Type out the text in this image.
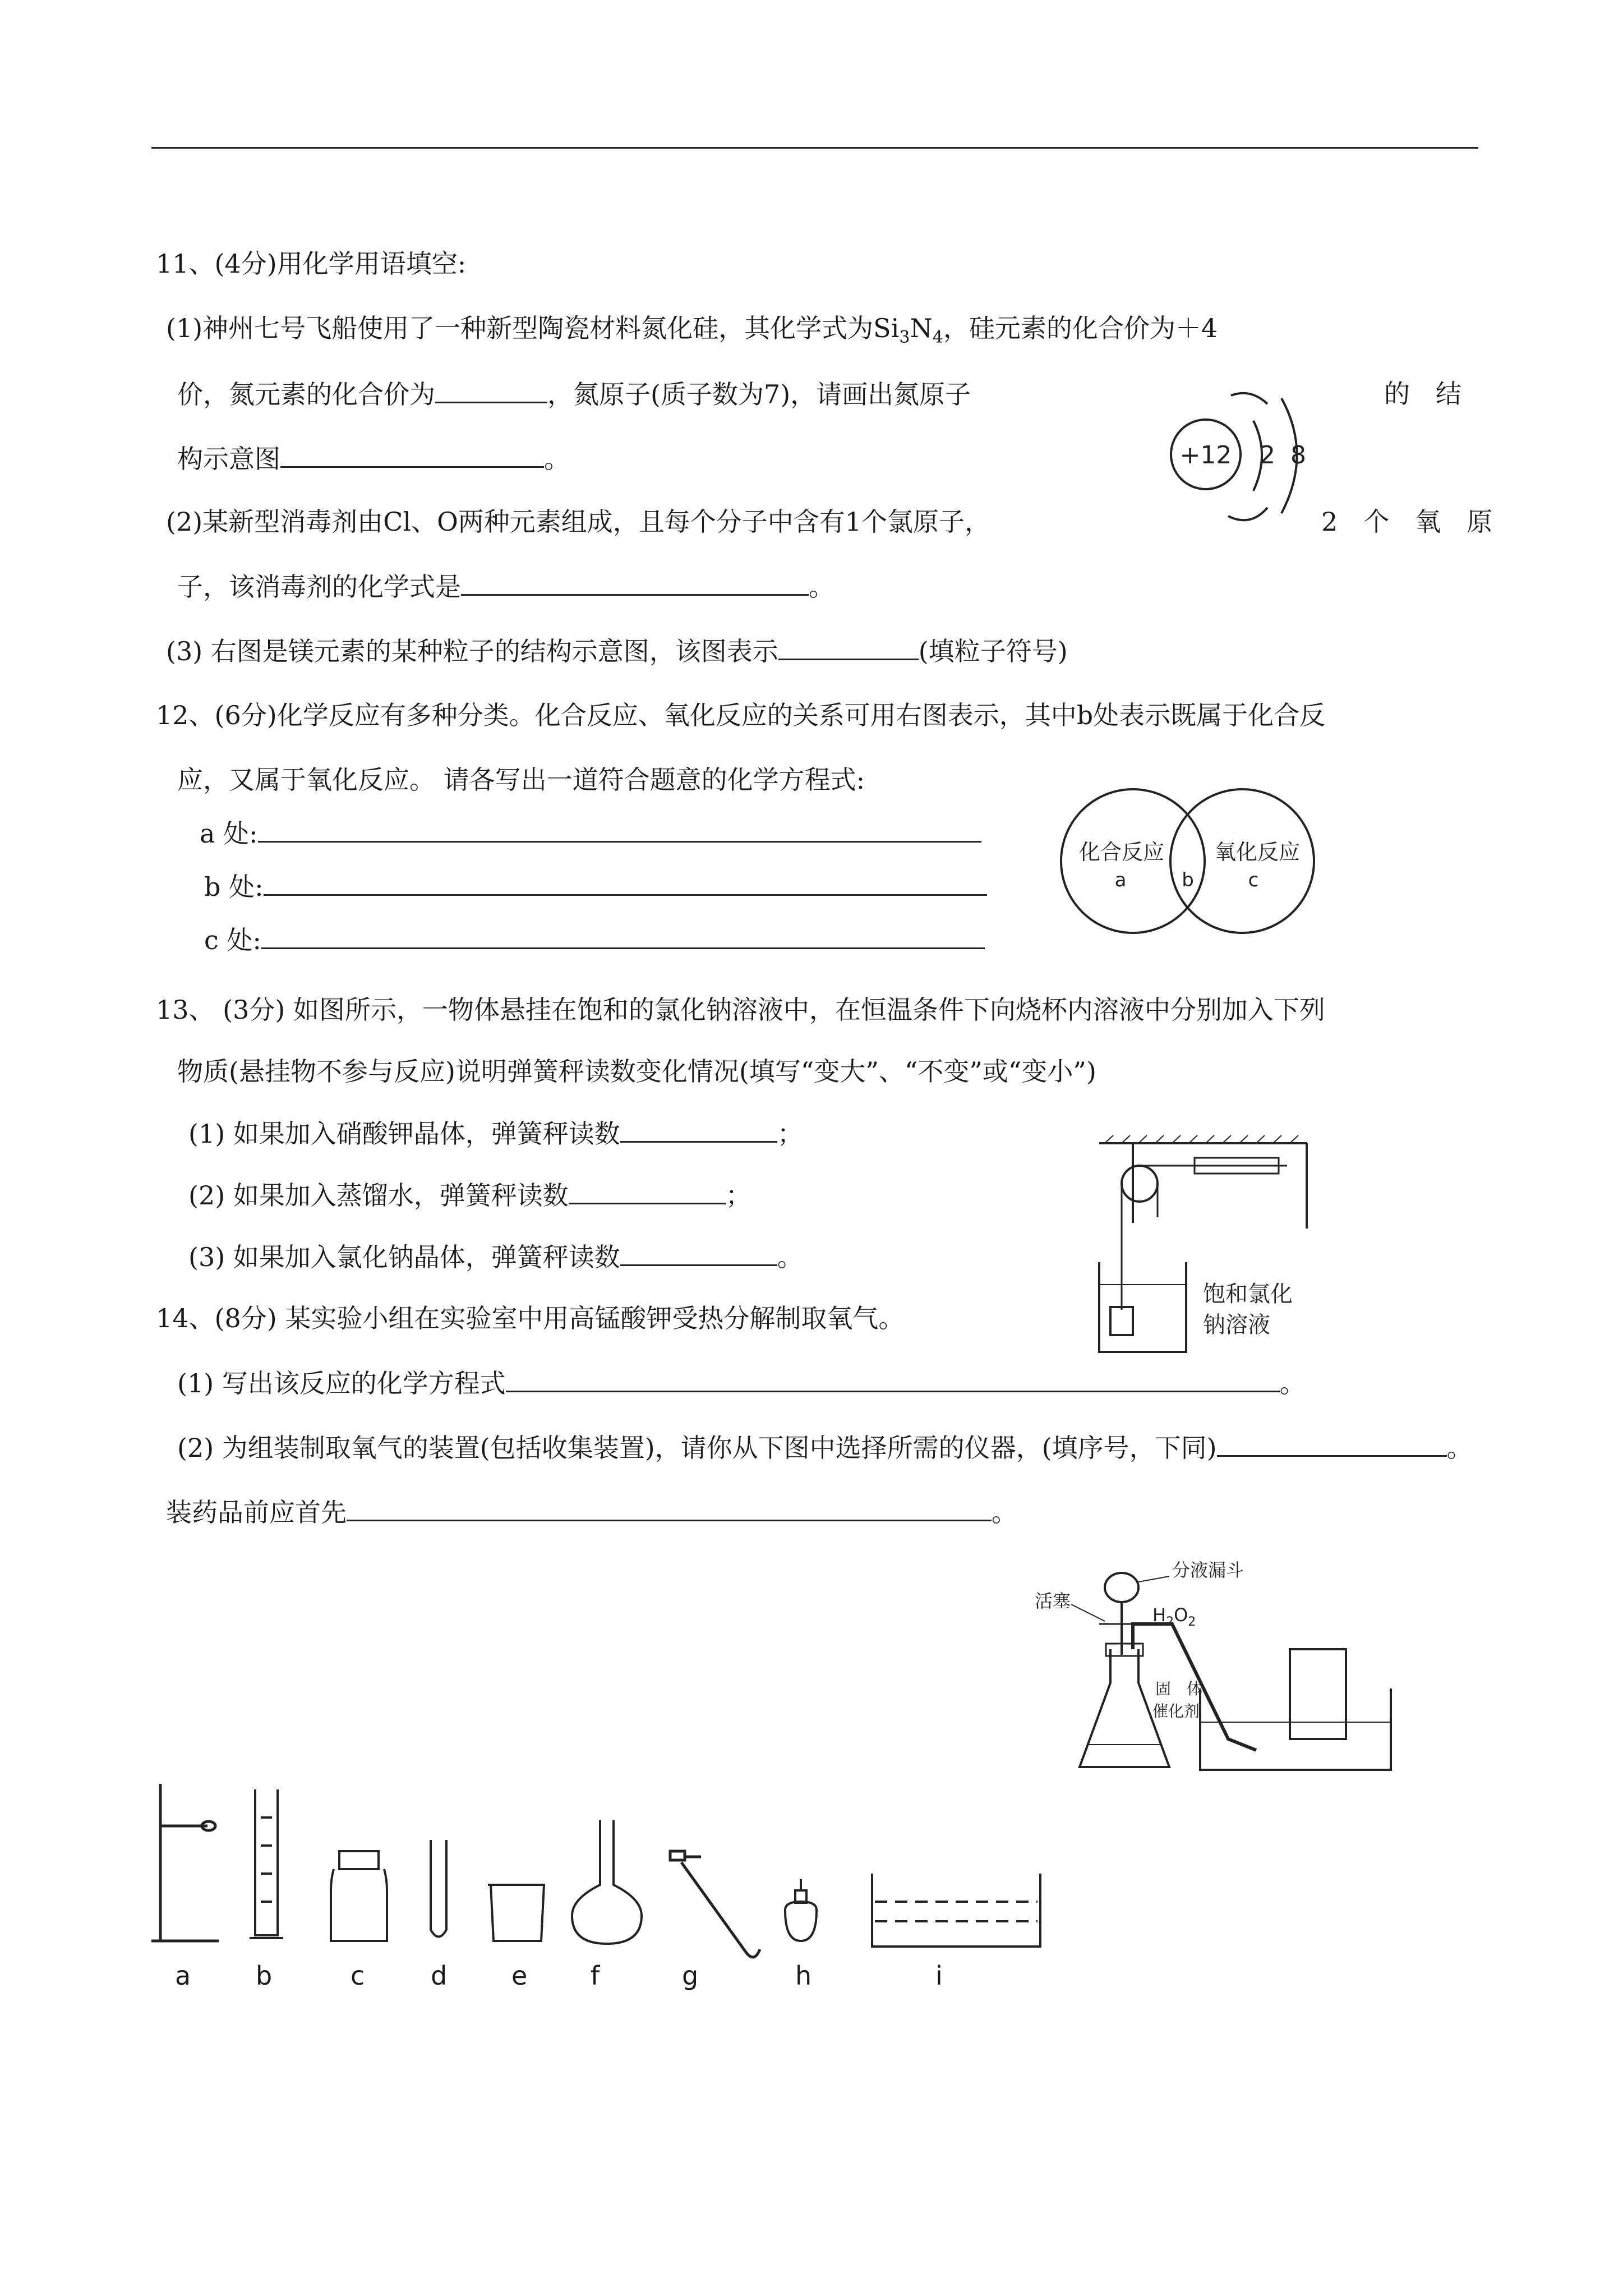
11、(4分)用化学用语填空:
(1)神州七号飞船使用了一种新型陶瓷材料氮化硅，其化学式为$Si_3N_4$，硅元素的化合价为＋4
价，氮元素的化合价为	，氮原子(质子数为7)，请画出氮原子	的　结
构示意图	。
(2)某新型消毒剂由Cl、O两种元素组成，且每个分子中含有1个氯原子，	2　个　氧　原
子，该消毒剂的化学式是	。
(3) 右图是镁元素的某种粒子的结构示意图，该图表示	(填粒子符号)
+12 2 8
12、(6分)化学反应有多种分类。化合反应、氧化反应的关系可用右图表示，其中b处表示既属于化合反
应，又属于氧化反应。 请各写出一道符合题意的化学方程式:
a 处:
b 处:
c 处:
化合反应
a	b
氧化反应
c
13、 (3分) 如图所示，一物体悬挂在饱和的氯化钠溶液中，在恒温条件下向烧杯内溶液中分别加入下列
物质(悬挂物不参与反应)说明弹簧秤读数变化情况(填写“变大”、“不变”或“变小”)
(1) 如果加入硝酸钾晶体，弹簧秤读数	；
(2) 如果加入蒸馏水，弹簧秤读数	；
(3) 如果加入氯化钠晶体，弹簧秤读数	。
饱和氯化
钠溶液
14、(8分) 某实验小组在实验室中用高锰酸钾受热分解制取氧气。
(1) 写出该反应的化学方程式	。
(2) 为组装制取氧气的装置(包括收集装置)，请你从下图中选择所需的仪器，(填序号，下同)	。
装药品前应首先	。
分液漏斗
活塞
$H_2O_2$
固　体
催化剂
a	b	c	d e f	g	h	i
